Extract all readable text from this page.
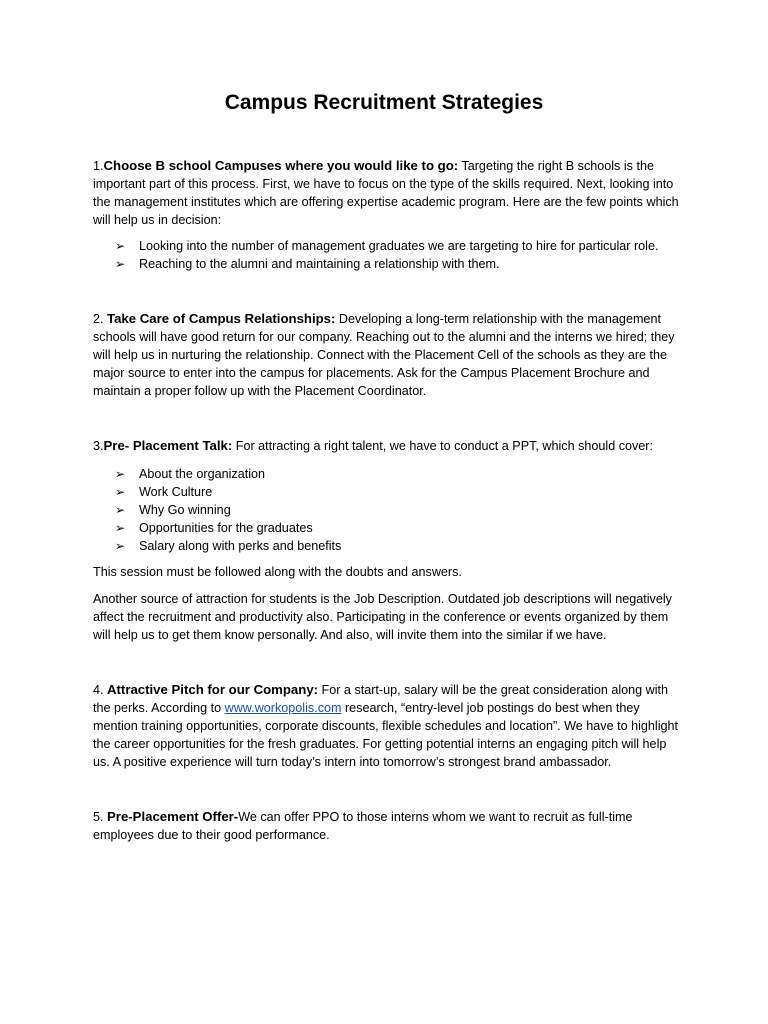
Campus Recruitment Strategies

1.Choose B school Campuses where you would like to go: Targeting the right B schools is the important part of this process. First, we have to focus on the type of the skills required. Next, looking into the management institutes which are offering expertise academic program. Here are the few points which will help us in decision:

➢ Looking into the number of management graduates we are targeting to hire for particular role.
➢ Reaching to the alumni and maintaining a relationship with them.

2. Take Care of Campus Relationships: Developing a long-term relationship with the management schools will have good return for our company. Reaching out to the alumni and the interns we hired; they will help us in nurturing the relationship. Connect with the Placement Cell of the schools as they are the major source to enter into the campus for placements. Ask for the Campus Placement Brochure and maintain a proper follow up with the Placement Coordinator.

3.Pre- Placement Talk: For attracting a right talent, we have to conduct a PPT, which should cover:

➢ About the organization
➢ Work Culture
➢ Why Go winning
➢ Opportunities for the graduates
➢ Salary along with perks and benefits

This session must be followed along with the doubts and answers.

Another source of attraction for students is the Job Description. Outdated job descriptions will negatively affect the recruitment and productivity also. Participating in the conference or events organized by them will help us to get them know personally. And also, will invite them into the similar if we have.

4. Attractive Pitch for our Company: For a start-up, salary will be the great consideration along with the perks. According to www.workopolis.com research, “entry-level job postings do best when they mention training opportunities, corporate discounts, flexible schedules and location”. We have to highlight the career opportunities for the fresh graduates. For getting potential interns an engaging pitch will help us. A positive experience will turn today’s intern into tomorrow’s strongest brand ambassador.

5. Pre-Placement Offer-We can offer PPO to those interns whom we want to recruit as full-time employees due to their good performance.
